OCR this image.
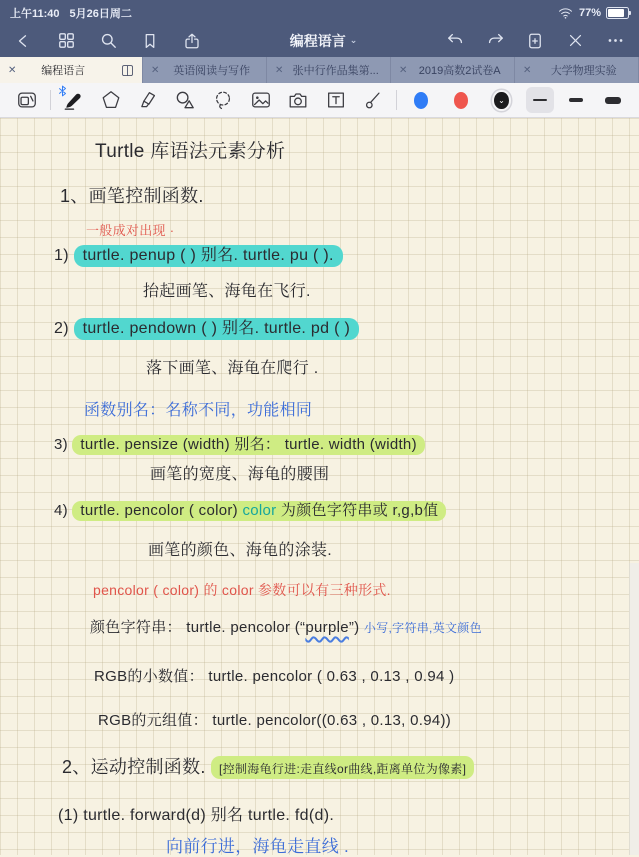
上午11:40 5月26日周二	77%
编程语言 ⌄
✕	编程语言	✕	英语阅读与写作	✕ 张中行作品集第...	✕	2019高数2试卷A	✕	大学物理实验
⌄
Turtle 库语法元素分析
1、画笔控制函数.
一般成对出现 ·
1) turtle. penup ( ) 别名. turtle. pu ( ).
抬起画笔、海龟在飞行.
2) turtle. pendown ( ) 别名. turtle. pd ( )
落下画笔、海龟在爬行 .
函数别名：名称不同，功能相同
3) turtle. pensize (width) 别名： turtle. width (width)
画笔的宽度、海龟的腰围
4) turtle. pencolor ( color) color 为颜色字符串或 r,g,b值
画笔的颜色、海龟的涂装.
pencolor ( color) 的 color 参数可以有三种形式.
颜色字符串： turtle. pencolor (“purple”) 小写,字符串,英文颜色
RGB的小数值： turtle. pencolor ( 0.63 , 0.13 , 0.94 )
RGB的元组值： turtle. pencolor((0.63 , 0.13, 0.94))
2、运动控制函数. [控制海龟行进:走直线or曲线,距离单位为像素]
(1) turtle. forward(d) 别名 turtle. fd(d).
向前行进，海龟走直线 .
